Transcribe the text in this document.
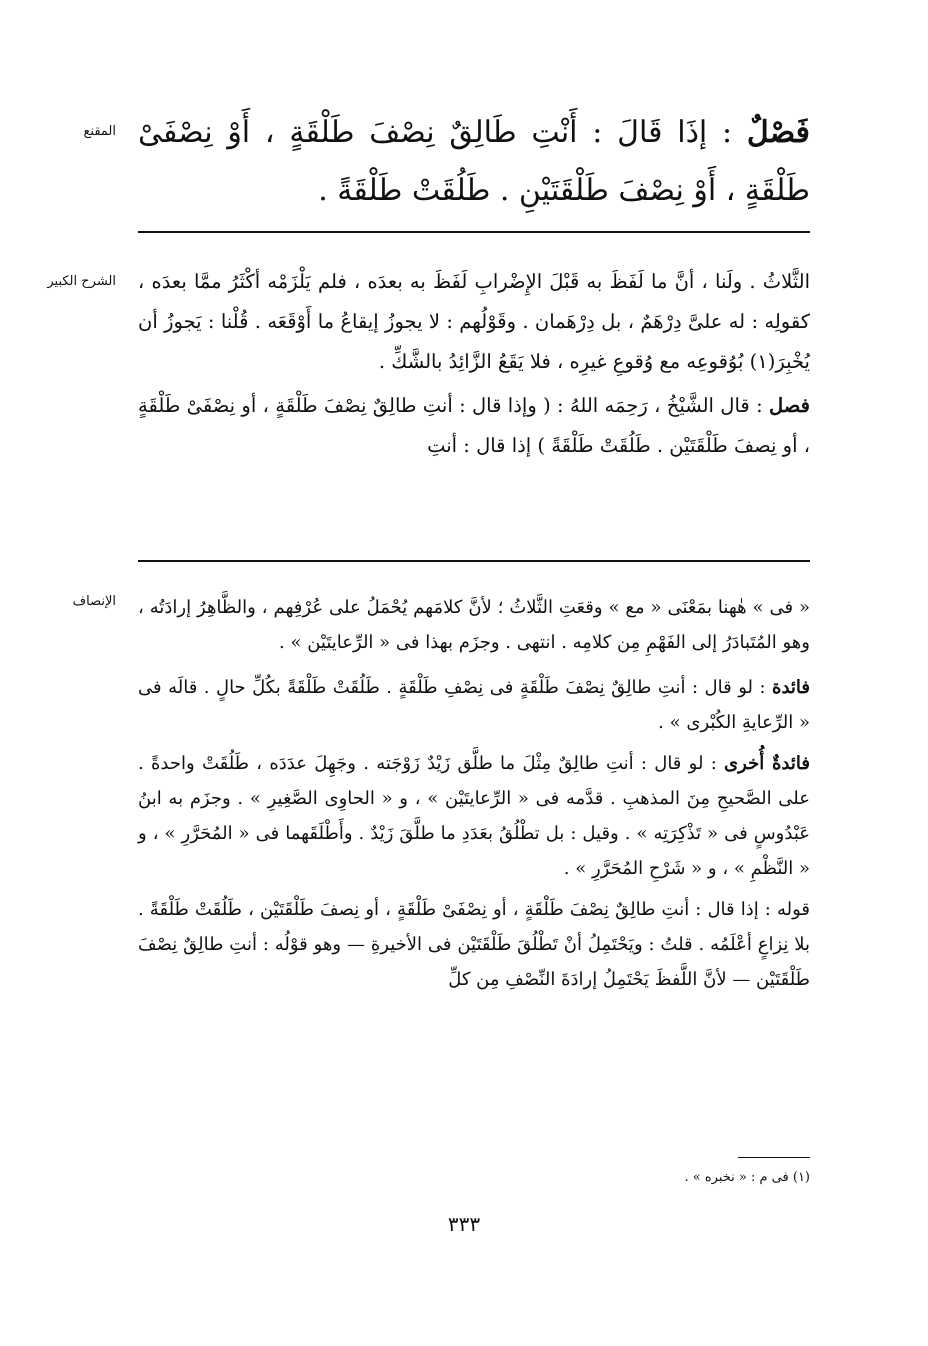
المقنع	فَصْلٌ : إذَا قَالَ : أَنْتِ طَالِقٌ نِصْفَ طَلْقَةٍ ، أَوْ نِصْفَىْ طَلْقَةٍ ، أَوْ نِصْفَ طَلْقَتَيْنِ . طَلُقَتْ طَلْقَةً .
الشرح الكبير الثَّلاثُ . ولَنا ، أنَّ ما لَفَظَ به قَبْلَ الإِضْرابِ لَفَظَ به بعدَه ، فلم يَلْزَمْه أكْثَرُ ممَّا بعدَه ، كقولِه : له علىَّ دِرْهَمٌ ، بل دِرْهَمان . وقَوْلُهم : لا يجوزُ إيقاعُ ما أَوْقَعَه . قُلْنا : يَجوزُ أن يُخْبِرَ(١) بُوُقوعِه مع وُقوعِ غيرِه ، فلا يَقَعُ الزَّائِدُ بالشَّكِّ .
فصل : قال الشَّيْخُ ، رَحِمَه اللهُ : ( وإذا قال : أنتِ طالِقٌ نِصْفَ طَلْقَةٍ ، أو نِصْفَىْ طَلْقَةٍ ، أو نِصفَ طَلْقَتَيْن . طَلُقَتْ طَلْقَةً ) إذا قال : أنتِ
الإنصاف « فى » هٰهنا بمَعْنَى « مع » وقعَتِ الثَّلاثُ ؛ لأنَّ كلامَهم يُحْمَلُ على عُرْفِهم ، والظَّاهِرُ إرادَتُه ، وهو المُتَبادَرُ إلى الفَهْمِ مِن كلامِه . انتهى . وجزَم بهذا فى « الرِّعايتَيْن » .
فائدة : لو قال : أنتِ طالِقٌ نِصْفَ طَلْقَةٍ فى نِصْفِ طَلْقَةٍ . طَلُقَتْ طَلْقَةً بكُلِّ حالٍ . قالَه فى « الرِّعايةِ الكُبْرى » .
فائدةٌ أُخرى : لو قال : أنتِ طالِقٌ مِثْلَ ما طلَّق زَيْدٌ زَوْجَته . وجَهِلَ عدَدَه ، طَلُقَتْ واحدةً . على الصَّحيحِ مِنَ المذهبِ . قدَّمه فى « الرِّعايتَيْن » ، و « الحاوِى الصَّغِيرِ » . وجزَم به ابنُ عَبْدُوسٍ فى « تَذْكِرَتِه » . وقيل : بل تطْلُقُ بعَدَدِ ما طلَّقَ زَيْدٌ . وأَطْلَقَهما فى « المُحَرَّرِ » ، و « النَّظْمِ » ، و « شَرْحِ المُحَرَّرِ » .
قوله : إذا قال : أنتِ طالِقٌ نِصْفَ طَلْقَةٍ ، أو نِصْفَىْ طَلْقَةٍ ، أو نِصفَ طَلْقَتَيْن ، طَلُقَتْ طَلْقَةً . بلا نِزاعٍ أعْلَمُه . قلتُ : ويَحْتَمِلُ أنْ تَطْلُقَ طَلْقَتَيْن فى الأخيرةِ — وهو قوْلُه : أنتِ طالِقٌ نِصْفَ طَلْقَتَيْن — لأنَّ اللَّفظَ يَحْتَمِلُ إرادَةَ النِّصْفِ مِن كلِّ
(١) فى م : « نخبره » .
٣٣٣
